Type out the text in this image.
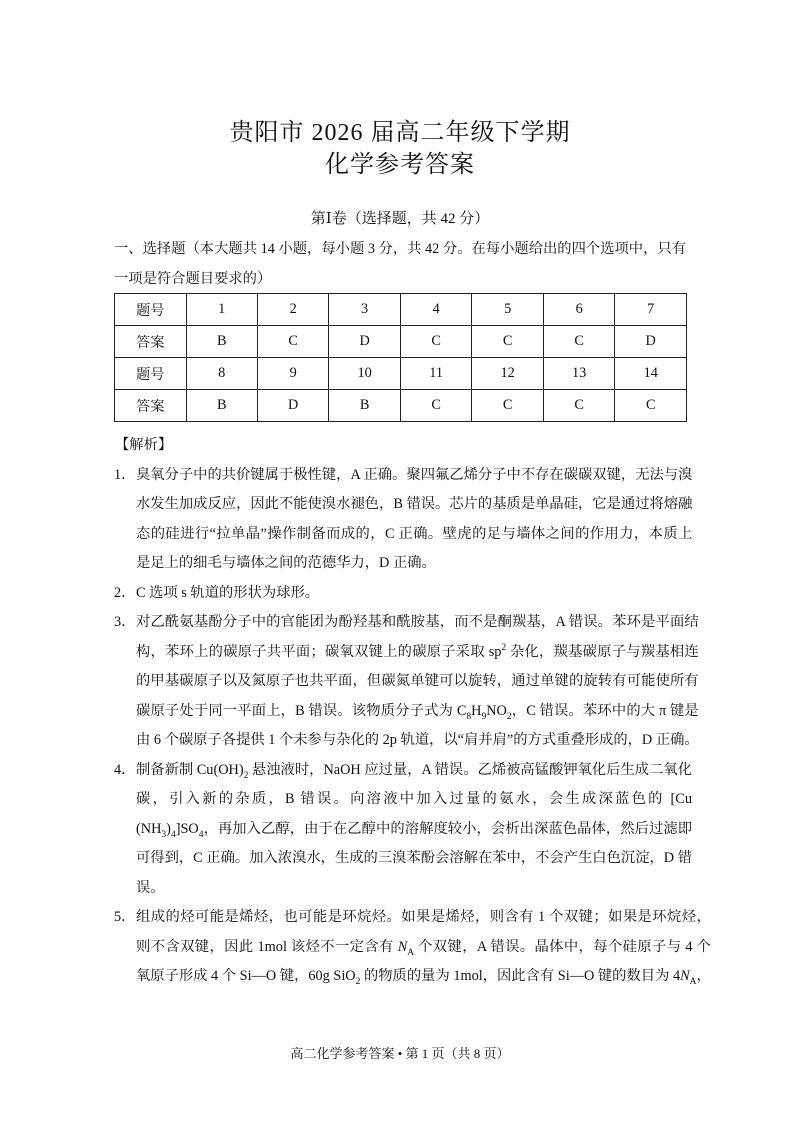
贵阳市 2026 届高二年级下学期
化学参考答案
第Ⅰ卷（选择题，共 42 分）
一、选择题（本大题共 14 小题，每小题 3 分，共 42 分。在每小题给出的四个选项中，只有
一项是符合题目要求的）
题号	1	2	3	4	5	6	7
答案	B	C	D	C	C	C	D
题号	8	9	10	11	12	13	14
答案	B	D	B	C	C	C	C
【解析】
1． 臭氧分子中的共价键属于极性键，A 正确。聚四氟乙烯分子中不存在碳碳双键，无法与溴
水发生加成反应，因此不能使溴水褪色，B 错误。芯片的基质是单晶硅，它是通过将熔融
态的硅进行“拉单晶”操作制备而成的，C 正确。壁虎的足与墙体之间的作用力，本质上
是足上的细毛与墙体之间的范德华力，D 正确。
2． C 选项 s 轨道的形状为球形。
3． 对乙酰氨基酚分子中的官能团为酚羟基和酰胺基，而不是酮羰基，A 错误。苯环是平面结
构，苯环上的碳原子共平面；碳氧双键上的碳原子采取 $sp^2$ 杂化，羰基碳原子与羰基相连
的甲基碳原子以及氮原子也共平面，但碳氮单键可以旋转，通过单键的旋转有可能使所有
碳原子处于同一平面上，B 错误。该物质分子式为 $C_8H_9NO_2$，C 错误。苯环中的大 π 键是
由 6 个碳原子各提供 1 个未参与杂化的 2p 轨道，以“肩并肩”的方式重叠形成的，D 正确。
4． 制备新制 $Cu(OH)_2$ 悬浊液时，NaOH 应过量，A 错误。乙烯被高锰酸钾氧化后生成二氧化
碳，引入新的杂质，B 错误。向溶液中加入过量的氨水，会生成深蓝色的 [Cu
$(NH_3)_4]SO_4$，再加入乙醇，由于在乙醇中的溶解度较小，会析出深蓝色晶体，然后过滤即
可得到，C 正确。加入浓溴水，生成的三溴苯酚会溶解在苯中，不会产生白色沉淀，D 错
误。
5． 组成的烃可能是烯烃，也可能是环烷烃。如果是烯烃，则含有 1 个双键；如果是环烷烃，
则不含双键，因此 1mol 该烃不一定含有 $N_A$ 个双键，A 错误。晶体中，每个硅原子与 4 个
氧原子形成 4 个 Si—O 键，60g SiO$_2$ 的物质的量为 1mol，因此含有 Si—O 键的数目为 $4N_A$，
高二化学参考答案 • 第 1 页（共 8 页）
